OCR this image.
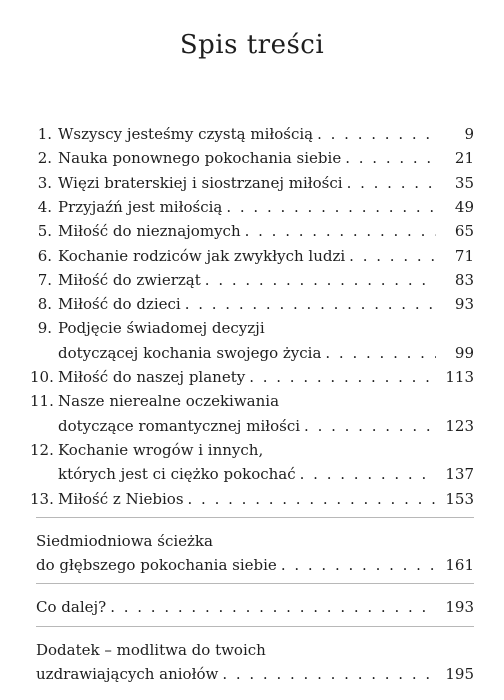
Spis treści
1. Wszyscy jesteśmy czystą miłością . . .	9
2. Nauka ponownego pokochania siebie . . .	21
3. Więzi braterskiej i siostrzanej miłości . . .	35
4. Przyjaźń jest miłością . . .	49
5. Miłość do nieznajomych . . .	65
6. Kochanie rodziców jak zwykłych ludzi . . .	71
7. Miłość do zwierząt . . .	83
8. Miłość do dzieci . . .	93
9. Podjęcie świadomej decyzji
dotyczącej kochania swojego życia . . .	99
10. Miłość do naszej planety . . .	113
11. Nasze nierealne oczekiwania
dotyczące romantycznej miłości . . .	123
12. Kochanie wrogów i innych,
których jest ci ciężko pokochać . . .	137
13. Miłość z Niebios . . .	153
Siedmiodniowa ścieżka
do głębszego pokochania siebie . . .	161
Co dalej? . . .	193
Dodatek – modlitwa do twoich
uzdrawiających aniołów . . .	195
